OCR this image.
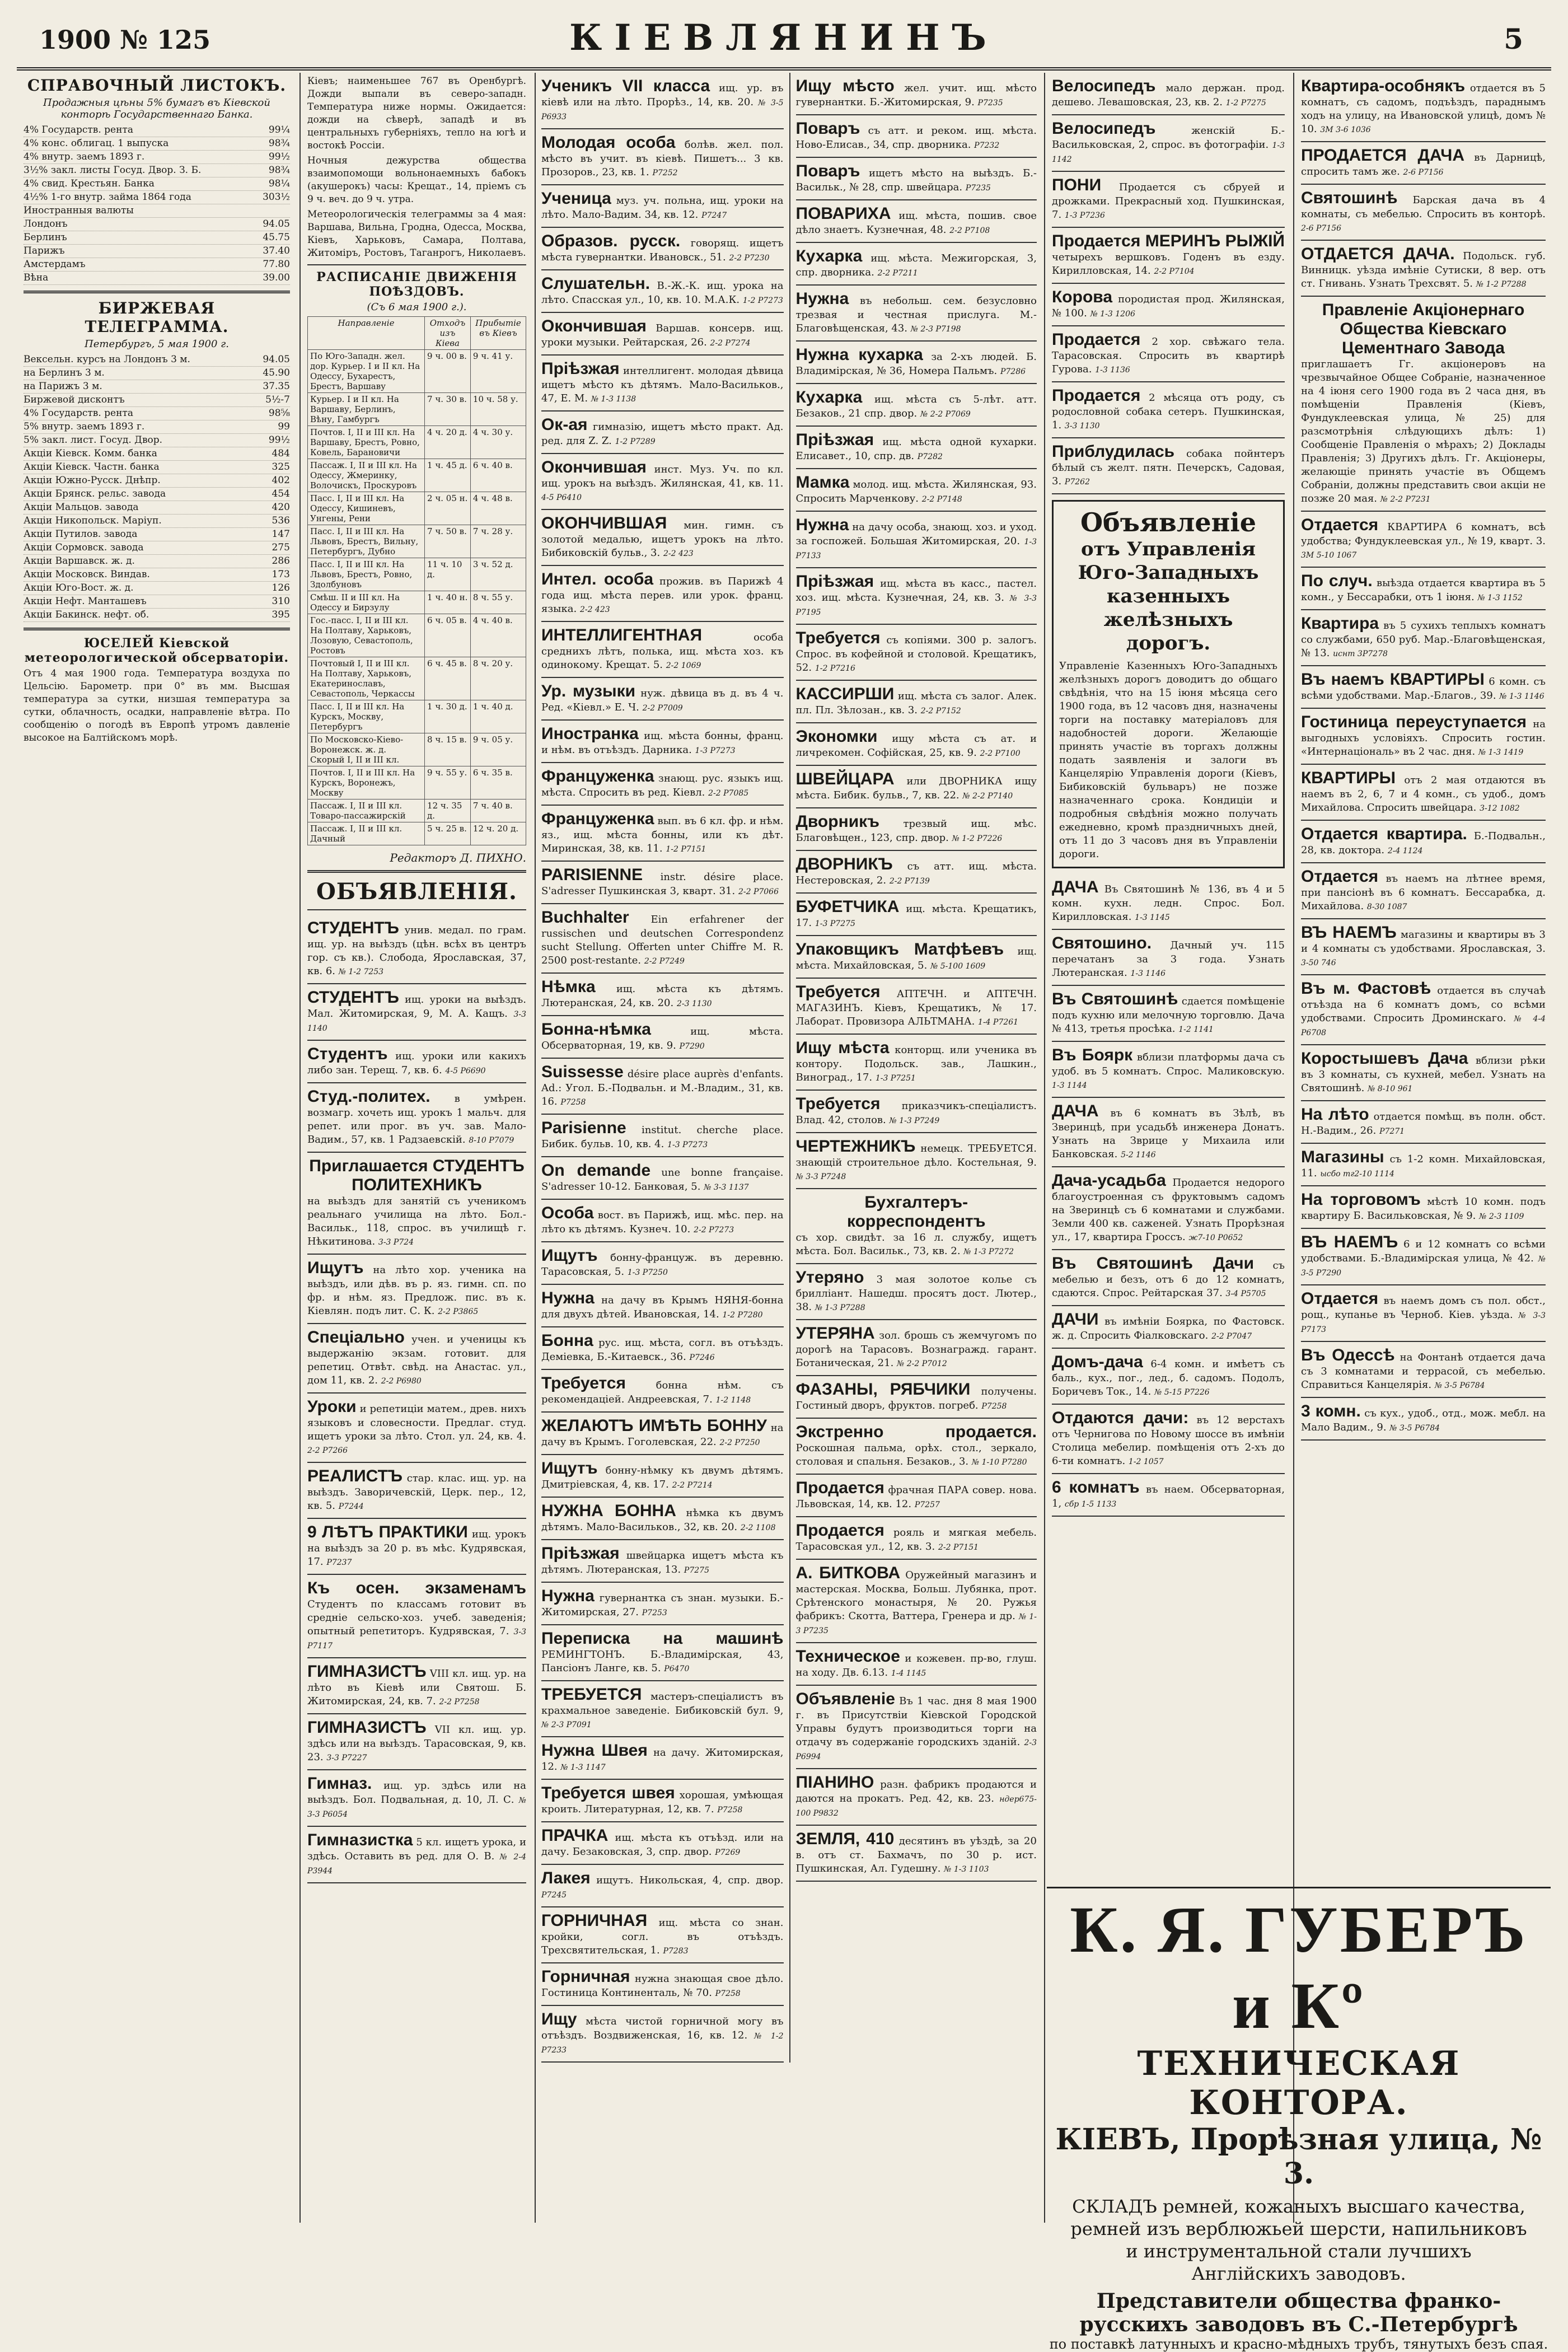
1900 № 125	КІЕВЛЯНИНЪ	5
СПРАВОЧНЫЙ ЛИСТОКЪ.
Продажныя цѣны 5% бумагъ въ Кіевской конторѣ Государственнаго Банка.
4% Государств. рента	99¼
4% конс. облигац. 1 выпуска	98¾
4% внутр. заемъ 1893 г.	99½
3½% закл. листы Госуд. Двор. З. Б.	98¾
4% свид. Крестьян. Банка	98¼
4½% 1-го внутр. займа 1864 года	303½
Иностранныя валюты
Лондонъ	94.05
Берлинъ	45.75
Парижъ	37.40
Амстердамъ	77.80
Вѣна	39.00
БИРЖЕВАЯ ТЕЛЕГРАММА.
Петербургъ, 5 мая 1900 г.
Вексельн. курсъ на Лондонъ 3 м.	94.05
на Берлинъ 3 м.	45.90
на Парижъ 3 м.	37.35
Биржевой дисконтъ	5½-7
4% Государств. рента	98⅝
5% внутр. заемъ 1893 г.	99
5% закл. лист. Госуд. Двор.	99½
Акціи Кіевск. Комм. банка	484
Акціи Кіевск. Частн. банка	325
Акціи Южно-Русск. Днѣпр.	402
Акціи Брянск. рельс. завода	454
Акціи Мальцов. завода	420
Акціи Никопольск. Маріуп.	536
Акціи Путилов. завода	147
Акціи Сормовск. завода	275
Акціи Варшавск. ж. д.	286
Акціи Московск. Виндав.	173
Акціи Юго-Вост. ж. д.	126
Акціи Нефт. Манташевъ	310
Акціи Бакинск. нефт. об.	395
ЮСЕЛЕЙ Кіевской метеорологической обсерваторіи.
Отъ 4 мая 1900 года. Температура воздуха по Цельсію. Барометр. при 0° въ мм. Высшая температура за сутки, низшая температура за сутки, облачность, осадки, направленіе вѣтра. По сообщенію о погодѣ въ Европѣ утромъ давленіе высокое на Балтійскомъ морѣ.
Кіевъ; наименьшее 767 въ Оренбургѣ. Дожди выпали въ северо-западн. Температура ниже нормы. Ожидается: дожди на сѣверѣ, западѣ и въ центральныхъ губерніяхъ, тепло на югѣ и востокѣ Россіи.
Ночныя дежурства общества взаимопомощи вольнонаемныхъ бабокъ (акушерокъ) часы: Крещат., 14, пріемъ съ 9 ч. веч. до 9 ч. утра.
Метеорологическія телеграммы за 4 мая: Варшава, Вильна, Гродна, Одесса, Москва, Кіевъ, Харьковъ, Самара, Полтава, Житоміръ, Ростовъ, Таганрогъ, Николаевъ.
РАСПИСАНІЕ ДВИЖЕНІЯ ПОѢЗДОВЪ.
(Съ 6 мая 1900 г.).
Направленіе	Отходъ изъ Кіева	Прибытіе въ Кіевъ
По Юго-Западн. жел. дор. Курьер. I и II кл. На Одессу, Бухарестъ, Брестъ, Варшаву	9 ч. 00 в.	9 ч. 41 у.
Курьер. I и II кл. На Варшаву, Берлинъ, Вѣну, Гамбургъ	7 ч. 30 в.	10 ч. 58 у.
Почтов. I, II и III кл. На Варшаву, Брестъ, Ровно, Ковель, Барановичи	4 ч. 20 д.	4 ч. 30 у.
Пассаж. I, II и III кл. На Одессу, Жмеринку, Волочискъ, Проскуровъ	1 ч. 45 д.	6 ч. 40 в.
Пасс. I, II и III кл. На Одессу, Кишиневъ, Унгены, Рени	2 ч. 05 н.	4 ч. 48 в.
Пасс. I, II и III кл. На Львовъ, Брестъ, Вильну, Петербургъ, Дубно	7 ч. 50 в.	7 ч. 28 у.
Пасс. I, II и III кл. На Львовъ, Брестъ, Ровно, Здолбуновъ	11 ч. 10 д.	3 ч. 52 д.
Смѣш. II и III кл. На Одессу и Бирзулу	1 ч. 40 н.	8 ч. 55 у.
Гос.-пасс. I, II и III кл. На Полтаву, Харьковъ, Лозовую, Севастополь, Ростовъ	6 ч. 05 в.	4 ч. 40 в.
Почтовый I, II и III кл. На Полтаву, Харьковъ, Екатеринославъ, Севастополь, Черкассы	6 ч. 45 в.	8 ч. 20 у.
Пасс. I, II и III кл. На Курскъ, Москву, Петербургъ	1 ч. 30 д.	1 ч. 40 д.
По Московско-Кіево-Воронежск. ж. д. Скорый I, II и III кл.	8 ч. 15 в.	9 ч. 05 у.
Почтов. I, II и III кл. На Курскъ, Воронежъ, Москву	9 ч. 55 у.	6 ч. 35 в.
Пассаж. I, II и III кл. Товаро-пассажирскій	12 ч. 35 д.	7 ч. 40 в.
Пассаж. I, II и III кл. Дачный	5 ч. 25 в.	12 ч. 20 д.
Редакторъ Д. ПИХНО.
ОБЪЯВЛЕНІЯ.
СТУДЕНТЪ унив. медал. по грам. ищ. ур. на выѣздъ (цѣн. всѣх въ центръ гор. съ кв.). Слобода, Ярославская, 37, кв. 6. № 1-2 7253
СТУДЕНТЪ ищ. уроки на выѣздъ. Мал. Житомирская, 9, М. А. Кащъ. 3-3 1140
Студентъ ищ. уроки или какихъ либо зан. Терещ. 7, кв. 6. 4-5 P6690
Студ.-политех. в умѣрен. возмагр. хочеть ищ. урокъ 1 мальч. для репет. или прог. въ уч. зав. Мало-Вадим., 57, кв. 1 Радзаевскій. 8-10 P7079
Приглашается СТУДЕНТЪ ПОЛИТЕХНИКЪ
на выѣздъ для занятій съ ученикомъ реальнаго училища на лѣто. Бол.-Васильк., 118, спрос. въ училищѣ г. Нѣкитинова. 3-3 P724
Ищутъ на лѣто хор. ученика на выѣздъ, или дѣв. въ р. яз. гимн. сп. по фр. и нѣм. яз. Предлож. пис. въ к. Кіевлян. подъ лит. С. К. 2-2 P3865
Спеціально учен. и ученицы къ выдержанію экзам. готовит. для репетиц. Отвѣт. свѣд. на Анастас. ул., дом 11, кв. 2. 2-2 P6980
Уроки и репетиціи матем., древ. нихъ языковъ и словесности. Предлаг. студ. ищетъ уроки за лѣто. Стол. ул. 24, кв. 4. 2-2 P7266
РЕАЛИСТЪ стар. клас. ищ. ур. на выѣздъ. Заворичевскій, Церк. пер., 12, кв. 5. P7244
9 ЛѢТЪ ПРАКТИКИ ищ. урокъ на выѣздъ за 20 р. въ мѣс. Кудрявская, 17. P7237
Къ осен. экзаменамъ Студентъ по классамъ готовит въ средніе сельско-хоз. учеб. заведенія; опытный репетиторъ. Кудрявская, 7. 3-3 P7117
ГИМНАЗИСТЪ VIII кл. ищ. ур. на лѣто въ Кіевѣ или Святош. Б. Житомирская, 24, кв. 7. 2-2 P7258
ГИМНАЗИСТЪ VII кл. ищ. ур. здѣсь или на выѣздъ. Тарасовская, 9, кв. 23. 3-3 P7227
Гимназ. ищ. ур. здѣсь или на выѣздъ. Бол. Подвальная, д. 10, Л. С. № 3-3 P6054
Гимназистка 5 кл. ищетъ урока, и здѣсь. Оставить въ ред. для О. В. № 2-4 P3944
Ученикъ VII класса ищ. ур. въ кіевѣ или на лѣто. Прорѣз., 14, кв. 20. № 3-5 P6933
Молодая особа болѣв. жел. пол. мѣсто въ учит. въ кіевѣ. Пишетъ... 3 кв. Прозоров., 23, кв. 1. P7252
Ученица муз. уч. польна, ищ. уроки на лѣто. Мало-Вадим. 34, кв. 12. P7247
Образов. русск. говорящ. ищетъ мѣста гувернантки. Ивановск., 51. 2-2 P7230
Слушательн. В.-Ж.-К. ищ. урока на лѣто. Спасская ул., 10, кв. 10. М.А.К. 1-2 P7273
Окончившая Варшав. консерв. ищ. уроки музыки. Рейтарская, 26. 2-2 P7274
Пріѣзжая интеллигент. молодая дѣвица ищетъ мѣсто къ дѣтямъ. Мало-Васильков., 47, Е. М. № 1-3 1138
Ок-ая гимназію, ищетъ мѣсто практ. Ад. ред. для Z. Z. 1-2 P7289
Окончившая инст. Муз. Уч. по кл. ищ. урокъ на выѣздъ. Жилянская, 41, кв. 11. 4-5 P6410
ОКОНЧИВШАЯ мин. гимн. съ золотой медалью, ищетъ урокъ на лѣто. Бибиковскій бульв., 3. 2-2 423
Интел. особа прожив. въ Парижѣ 4 года ищ. мѣста перев. или урок. франц. языка. 2-2 423
ИНТЕЛЛИГЕНТНАЯ	особа среднихъ лѣтъ, полька, ищ. мѣста хоз. къ одинокому. Крещат. 5. 2-2 1069
Ур. музыки нуж. дѣвица въ д. въ 4 ч. Ред. «Кіевл.» Е. Ч. 2-2 P7009
Иностранка ищ. мѣста бонны, франц. и нѣм. въ отъѣздъ. Дарника. 1-3 P7273
Француженка знающ. рус. языкъ ищ. мѣста. Спросить въ ред. Кіевл. 2-2 P7085
Француженка вып. въ 6 кл. фр. и нѣм. яз., ищ. мѣста бонны, или къ дѣт. Миринская, 38, кв. 11. 1-2 P7151
PARISIENNE instr. désire place. S'adresser Пушкинская 3, кварт. 31. 2-2 P7066
Buchhalter Ein erfahrener der russischen und deutschen Correspondenz sucht Stellung. Offerten unter Chiffre M. R. 2500 post-restante. 2-2 P7249
Нѣмка ищ. мѣста къ дѣтямъ. Лютеранская, 24, кв. 20. 2-3 1130
Бонна-нѣмка	ищ. мѣста. Обсерваторная, 19, кв. 9. P7290
Suissesse désire place auprès d'enfants. Ad.: Угол. Б.-Подвальн. и М.-Владим., 31, кв. 16. P7258
Parisienne institut. cherche place. Бибик. бульв. 10, кв. 4. 1-3 P7273
On demande une bonne française. S'adresser 10-12. Банковая, 5. № 3-3 1137
Особа вост. въ Парижѣ, ищ. мѣс. пер. на лѣто къ дѣтямъ. Кузнеч. 10. 2-2 P7273
Ищутъ бонну-француж. въ деревню. Тарасовская, 5. 1-3 P7250
Нужна на дачу въ Крымъ НЯНЯ-бонна для двухъ дѣтей. Ивановская, 14. 1-2 P7280
Бонна рус. ищ. мѣста, согл. въ отъѣздъ. Деміевка, Б.-Китаевск., 36. P7246
Требуется	бонна нѣм. съ рекомендаціей. Андреевская, 7. 1-2 1148
ЖЕЛАЮТЪ ИМѢТЬ БОННУ на дачу въ Крымъ. Гоголевская, 22. 2-2 P7250
Ищутъ бонну-нѣмку къ двумъ дѣтямъ. Дмитріевская, 4, кв. 17. 2-2 P7214
НУЖНА БОННА нѣмка къ двумъ дѣтямъ. Мало-Васильков., 32, кв. 20. 2-2 1108
Пріѣзжая швейцарка ищетъ мѣста къ дѣтямъ. Лютеранская, 13. P7275
Нужна гувернантка съ знан. музыки. Б.-Житомирская, 27. P7253
Переписка на машинѣ РЕМИНГТОНЪ. Б.-Владимірская, 43, Пансіонъ Ланге, кв. 5. Р6470
ТРЕБУЕТСЯ мастеръ-спеціалистъ въ крахмальное заведеніе. Бибиковскій бул. 9, № 2-3 P7091
Нужна Швея на дачу. Житомирская, 12. № 1-3 1147
Требуется швея хорошая, умѣющая кроить. Литературная, 12, кв. 7. P7258
ПРАЧКА ищ. мѣста къ отъѣзд. или на дачу. Безаковская, 3, спр. двор. P7269
Лакея ищутъ. Никольская, 4, спр. двор. P7245
ГОРНИЧНАЯ ищ. мѣста со знан. кройки, согл. въ отъѣздъ. Трехсвятительская, 1. P7283
Горничная нужна знающая свое дѣло. Гостиница Континенталь, № 70. P7258
Ищу мѣста чистой горничной могу въ отъѣздъ. Воздвиженская, 16, кв. 12. № 1-2 P7233
Ищу мѣсто жел. учит. ищ. мѣсто гувернантки. Б.-Житомирская, 9. P7235
Поваръ съ атт. и реком. ищ. мѣста. Ново-Елисав., 34, спр. дворника. P7232
Поваръ ищетъ мѣсто на выѣздъ. Б.-Васильк., № 28, спр. швейцара. P7235
ПОВАРИХА ищ. мѣста, пошив. свое дѣло знаетъ. Кузнечная, 48. 2-2 P7108
Кухарка ищ. мѣста. Межигорская, 3, спр. дворника. 2-2 P7211
Нужна въ небольш. сем. безусловно трезвая и честная прислуга. М.-Благовѣщенская, 43. № 2-3 P7198
Нужна кухарка за 2-хъ людей. Б. Владимірская, № 36, Номера Пальмъ. P7286
Кухарка ищ. мѣста съ 5-лѣт. атт. Безаков., 21 спр. двор. № 2-2 P7069
Пріѣзжая ищ. мѣста одной кухарки. Елисавет., 10, спр. дв. P7282
Мамка молод. ищ. мѣста. Жилянская, 93. Спросить Марченкову. 2-2 P7148
Нужна на дачу особа, знающ. хоз. и уход. за госпожей. Большая Житомирская, 20. 1-3 P7133
Пріѣзжая ищ. мѣста въ касс., пастел. хоз. ищ. мѣста. Кузнечная, 24, кв. 3. № 3-3 P7195
Требуется съ копіями. 300 р. залогъ. Спрос. въ кофейной и столовой. Крещатикъ, 52. 1-2 P7216
КАССИРШИ ищ. мѣста съ залог. Алек. пл. Пл. Зѣлозан., кв. 3. 2-2 P7152
Экономки ищу мѣста съ ат. и личрекомен. Софійская, 25, кв. 9. 2-2 P7100
ШВЕЙЦАРА или ДВОРНИКА ищу мѣста. Бибик. бульв., 7, кв. 22. № 2-2 P7140
Дворникъ трезвый ищ. мѣс. Благовѣщен., 123, спр. двор. № 1-2 P7226
ДВОРНИКЪ съ атт. ищ. мѣста. Нестеровская, 2. 2-2 P7139
БУФЕТЧИКА ищ. мѣста. Крещатикъ, 17. 1-3 P7275
Упаковщикъ Матфѣевъ ищ. мѣста. Михайловская, 5. № 5-100 1609
Требуется АПТЕЧН. и АПТЕЧН. МАГАЗИНЪ. Кіевъ, Крещатикъ, № 17. Лаборат. Провизора АЛЬТМАНА. 1-4 P7261
Ищу мѣста конторщ. или ученика въ контору. Подольск. зав., Лашкин., Виноград., 17. 1-3 P7251
Требуется приказчикъ-спеціалистъ. Влад. 42, столов. № 1-3 P7249
ЧЕРТЕЖНИКЪ немецк. ТРЕБУЕТСЯ. знающій строительное дѣло. Костельная, 9. № 3-3 P7248
Бухгалтеръ-корреспондентъ
съ хор. свидѣт. за 16 л. службу, ищетъ мѣста. Бол. Васильк., 73, кв. 2. № 1-3 P7272
Утеряно 3 мая золотое колье съ брилліант. Нашедш. просятъ дост. Лютер., 38. № 1-3 P7288
УТЕРЯНА зол. брошь съ жемчугомъ по дорогѣ на Тарасовъ. Вознагражд. гарант. Ботаническая, 21. № 2-2 P7012
ФАЗАНЫ, РЯБЧИКИ получены. Гостиный дворъ, фруктов. погреб. P7258
Экстренно продается. Роскошная пальма, орѣх. стол., зеркало, столовая и спальня. Безаков., 3. № 1-10 P7280
Продается фрачная ПАРА совер. нова. Львовская, 14, кв. 12. P7257
Продается рояль и мягкая мебель. Тарасовская ул., 12, кв. 3. 2-2 P7151
А. БИТКОВА Оружейный магазинъ и мастерская. Москва, Больш. Лубянка, прот. Срѣтенского монастыря, № 20. Ружья фабрикъ: Скотта, Ваттера, Гренера и др. № 1-3 P7235
Техническое и кожевен. пр-во, глуш. на ходу. Дв. 6.13. 1-4 1145
Объявленіе Въ 1 час. дня 8 мая 1900 г. въ Присутствіи Кіевской Городской Управы будутъ производиться торги на отдачу въ содержаніе городскихъ зданій. 2-3 P6994
ПІАНИНО разн. фабрикъ продаются и даются на прокатъ. Ред. 42, кв. 23. ндер675-100 P9832
ЗЕМЛЯ, 410 десятинъ въ уѣздѣ, за 20 в. отъ ст. Бахмачъ, по 30 р. ист. Пушкинская, Ал. Гудешну. № 1-3 1103
Велосипедъ мало держан. прод. дешево. Левашовская, 23, кв. 2. 1-2 P7275
Велосипедъ	женскій Б.-Васильковская, 2, спрос. въ фотографіи. 1-3 1142
ПОНИ Продается съ сбруей и дрожками. Прекрасный ход. Пушкинская, 7. 1-3 P7236
Продается МЕРИНЪ РЫЖІЙ четырехъ вершковъ. Годенъ въ езду. Кирилловская, 14. 2-2 P7104
Корова породистая прод. Жилянская, № 100. № 1-3 1206
Продается 2 хор. свѣжаго тела. Тарасовская. Спросить въ квартирѣ Гурова. 1-3 1136
Продается 2 мѣсяца отъ роду, съ родословной собака сетеръ. Пушкинская, 1. 3-3 1130
Приблудилась собака пойнтеръ бѣлый съ желт. пятн. Печерскъ, Садовая, 3. P7262
Объявленіе
отъ Управленія Юго-Западныхъ казенныхъ желѣзныхъ дорогъ.
Управленіе Казенныхъ Юго-Западныхъ желѣзныхъ дорогъ доводитъ до общаго свѣдѣнія, что на 15 іюня мѣсяца сего 1900 года, въ 12 часовъ дня, назначены торги на поставку матеріаловъ для надобностей дороги. Желающіе принять участіе въ торгахъ должны подать заявленія и залоги въ Канцелярію Управленія дороги (Кіевъ, Бибиковскій бульваръ) не позже назначеннаго срока. Кондиціи и подробныя свѣдѣнія можно получать ежедневно, кромѣ праздничныхъ дней, отъ 11 до 3 часовъ дня въ Управленіи дороги.
ДАЧА Въ Святошинѣ № 136, въ 4 и 5 комн. кухн. ледн. Спрос. Бол. Кирилловская. 1-3 1145
Святошино. Дачный уч. 115 перечатанъ за 3 года. Узнать Лютеранская. 1-3 1146
Въ Святошинѣ сдается помѣщеніе подъ кухню или мелочную торговлю. Дача № 413, третья просѣка. 1-2 1141
Въ Боярк вблизи платформы дача съ удоб. въ 5 комнатъ. Спрос. Маликовскую. 1-3 1144
ДАЧА въ 6 комнатъ въ Зѣлѣ, въ Зверинцѣ, при усадьбѣ инженера Донатъ. Узнать на Зврице у Михаила или Банковская. 5-2 1146
Дача-усадьба Продается недорого благоустроенная съ фруктовымъ садомъ на Зверинцѣ съ 6 комнатами и службами. Земли 400 кв. саженей. Узнать Прорѣзная ул., 17, квартира Гроссъ. ж7-10 P0652
Въ Святошинѣ Дачи съ мебелью и безъ, отъ 6 до 12 комнатъ, сдаются. Спрос. Рейтарская 37. 3-4 P5705
ДАЧИ въ имѣніи Боярка, по Фастовск. ж. д. Спросить Фіалковскаго. 2-2 P7047
Домъ-дача 6-4 комн. и имѣетъ съ баль., кух., пог., лед., б. садомъ. Подолъ, Боричевъ Ток., 14. № 5-15 P7226
Отдаются дачи: въ 12 верстахъ отъ Чернигова по Новому шоссе въ имѣніи Столица мебелир. помѣщенія отъ 2-хъ до 6-ти комнатъ. 1-2 1057
6 комнатъ въ наем. Обсерваторная, 1, сбр 1-5 1133
Квартира-особнякъ отдается въ 5 комнатъ, съ садомъ, подъѣздъ, параднымъ ходъ на улицу, на Ивановской улицѣ, домъ № 10. 3М 3-6 1036
ПРОДАЕТСЯ ДАЧА въ Дарницѣ, спросить тамъ же. 2-6 P7156
Святошинѣ Барская дача въ 4 комнаты, съ мебелью. Спросить въ конторѣ. 2-6 P7156
ОТДАЕТСЯ ДАЧА. Подольск. губ. Винницк. уѣзда имѣніе Сутиски, 8 вер. отъ ст. Гнивань. Узнать Трехсвят. 5. № 1-2 P7288
Правленіе Акціонернаго Общества Кіевскаго Цементнаго Завода
приглашаетъ Гг. акціонеровъ на чрезвычайное Общее Собраніе, назначенное на 4 іюня сего 1900 года въ 2 часа дня, въ помѣщеніи Правленія (Кіевъ, Фундуклеевская улица, № 25) для разсмотрѣнія слѣдующихъ дѣлъ: 1) Сообщеніе Правленія о мѣрахъ; 2) Доклады Правленія; 3) Другихъ дѣлъ. Гг. Акціонеры, желающіе принять участіе въ Общемъ Собраніи, должны представить свои акціи не позже 20 мая. № 2-2 P7231
Отдается КВАРТИРА 6 комнатъ, всѣ удобства; Фундуклеевская ул., № 19, кварт. 3. 3М 5-10 1067
По случ. выѣзда отдается квартира въ 5 комн., у Бессарабки, отъ 1 іюня. № 1-3 1152
Квартира въ 5 сухихъ теплыхъ комнатъ со службами, 650 руб. Мар.-Благовѣщенская, № 13. иснт 3P7278
Въ наемъ КВАРТИРЫ 6 комн. съ всѣми удобствами. Мар.-Благов., 39. № 1-3 1146
Гостиница переуступается на выгодныхъ условіяхъ. Спросить гостин. «Интернаціональ» въ 2 час. дня. № 1-3 1419
КВАРТИРЫ отъ 2 мая отдаются въ наемъ въ 2, 6, 7 и 4 комн., съ удоб., домъ Михайлова. Спросить швейцара. 3-12 1082
Отдается квартира. Б.-Подвальн., 28, кв. доктора. 2-4 1124
Отдается въ наемъ на лѣтнее время, при пансіонѣ въ 6 комнатъ. Бессарабка, д. Михайлова. 8-30 1087
ВЪ НАЕМЪ магазины и квартиры въ 3 и 4 комнаты съ удобствами. Ярославская, 3. 3-50 746
Въ м. Фастовѣ отдается въ случаѣ отъѣзда на 6 комнатъ домъ, со всѣми удобствами. Спросить Дроминскаго. № 4-4 P6708
Коростышевъ Дача вблизи рѣки въ 3 комнаты, съ кухней, мебел. Узнать на Святошинѣ. № 8-10 961
На лѣто отдается помѣщ. въ полн. обст. Н.-Вадим., 26. P7271
Магазины съ 1-2 комн. Михайловская, 11. ысбо тг2-10 1114
На торговомъ мѣстѣ 10 комн. подъ квартиру Б. Васильковская, № 9. № 2-3 1109
ВЪ НАЕМЪ 6 и 12 комнатъ со всѣми удобствами. Б.-Владимірская улица, № 42. № 3-5 P7290
Отдается въ наемъ домъ съ пол. обст., рощ., купанье въ Черноб. Кіев. уѣзда. № 3-3 P7173
Въ Одессѣ на Фонтанѣ отдается дача съ 3 комнатами и террасой, съ мебелью. Справиться Канцелярія. № 3-5 P6784
3 комн. съ кух., удоб., отд., мож. мебл. на Мало Вадим., 9. № 3-5 P6784
К. Я. ГУБЕРЪ и Кº
ТЕХНИЧЕСКАЯ КОНТОРА.
КІЕВЪ, Прорѣзная улица, № 3.
СКЛАДЪ ремней, кожаныхъ высшаго качества, ремней изъ верблюжьей шерсти, напильниковъ и инструментальной стали лучшихъ Англійскихъ заводовъ.
Представители общества франко-русскихъ заводовъ въ С.-Петербургѣ
по поставкѣ латунныхъ и красно-мѣдныхъ трубъ, тянутыхъ безъ спая.
